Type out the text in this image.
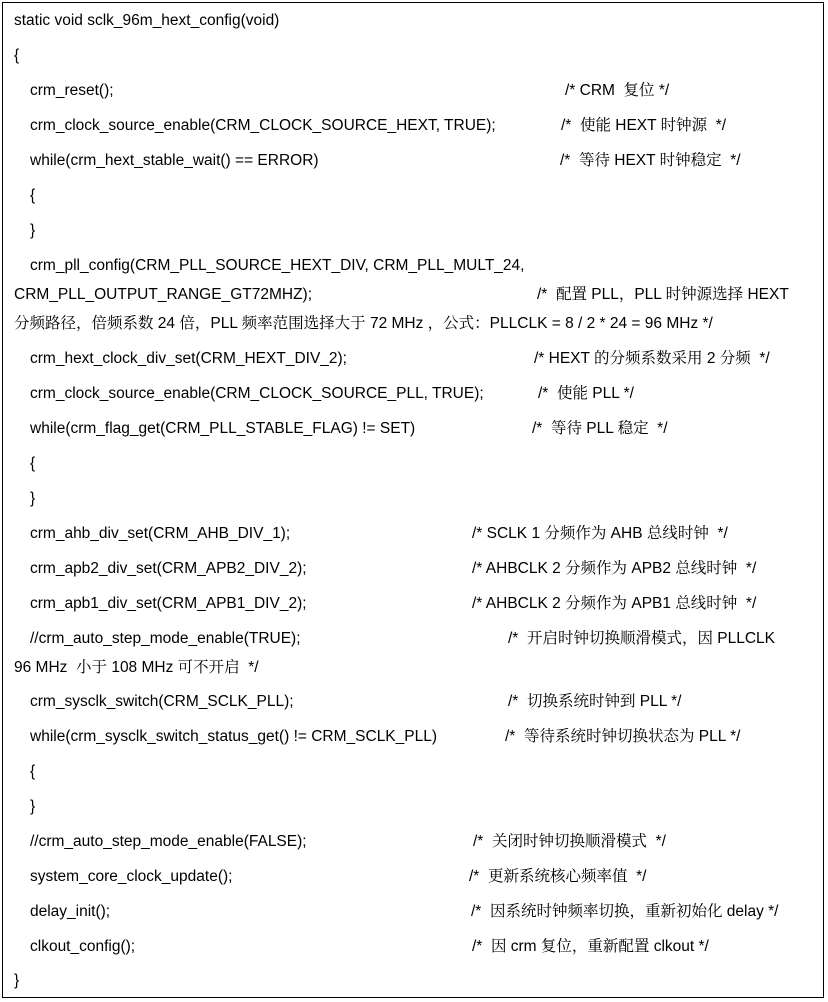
static void sclk_96m_hext_config(void)
{
crm_reset();	/* CRM  复位 */
crm_clock_source_enable(CRM_CLOCK_SOURCE_HEXT, TRUE);	/*  使能 HEXT 时钟源  */
while(crm_hext_stable_wait() == ERROR)	/*  等待 HEXT 时钟稳定  */
{
}
crm_pll_config(CRM_PLL_SOURCE_HEXT_DIV, CRM_PLL_MULT_24,
CRM_PLL_OUTPUT_RANGE_GT72MHZ);	/*  配置 PLL，PLL 时钟源选择 HEXT
分频路径，倍频系数 24 倍，PLL 频率范围选择大于 72 MHz ，公式：PLLCLK = 8 / 2 * 24 = 96 MHz */
crm_hext_clock_div_set(CRM_HEXT_DIV_2);	/* HEXT 的分频系数采用 2 分频  */
crm_clock_source_enable(CRM_CLOCK_SOURCE_PLL, TRUE);	/*  使能 PLL */
while(crm_flag_get(CRM_PLL_STABLE_FLAG) != SET)	/*  等待 PLL 稳定  */
{
}
crm_ahb_div_set(CRM_AHB_DIV_1);	/* SCLK 1 分频作为 AHB 总线时钟  */
crm_apb2_div_set(CRM_APB2_DIV_2);	/* AHBCLK 2 分频作为 APB2 总线时钟  */
crm_apb1_div_set(CRM_APB1_DIV_2);	/* AHBCLK 2 分频作为 APB1 总线时钟  */
//crm_auto_step_mode_enable(TRUE);	/*  开启时钟切换顺滑模式，因 PLLCLK
96 MHz  小于 108 MHz 可不开启  */
crm_sysclk_switch(CRM_SCLK_PLL);	/*  切换系统时钟到 PLL */
while(crm_sysclk_switch_status_get() != CRM_SCLK_PLL)	/*  等待系统时钟切换状态为 PLL */
{
}
//crm_auto_step_mode_enable(FALSE);	/*  关闭时钟切换顺滑模式  */
system_core_clock_update();	/*  更新系统核心频率值  */
delay_init();	/*  因系统时钟频率切换，重新初始化 delay */
clkout_config();	/*  因 crm 复位，重新配置 clkout */
}
